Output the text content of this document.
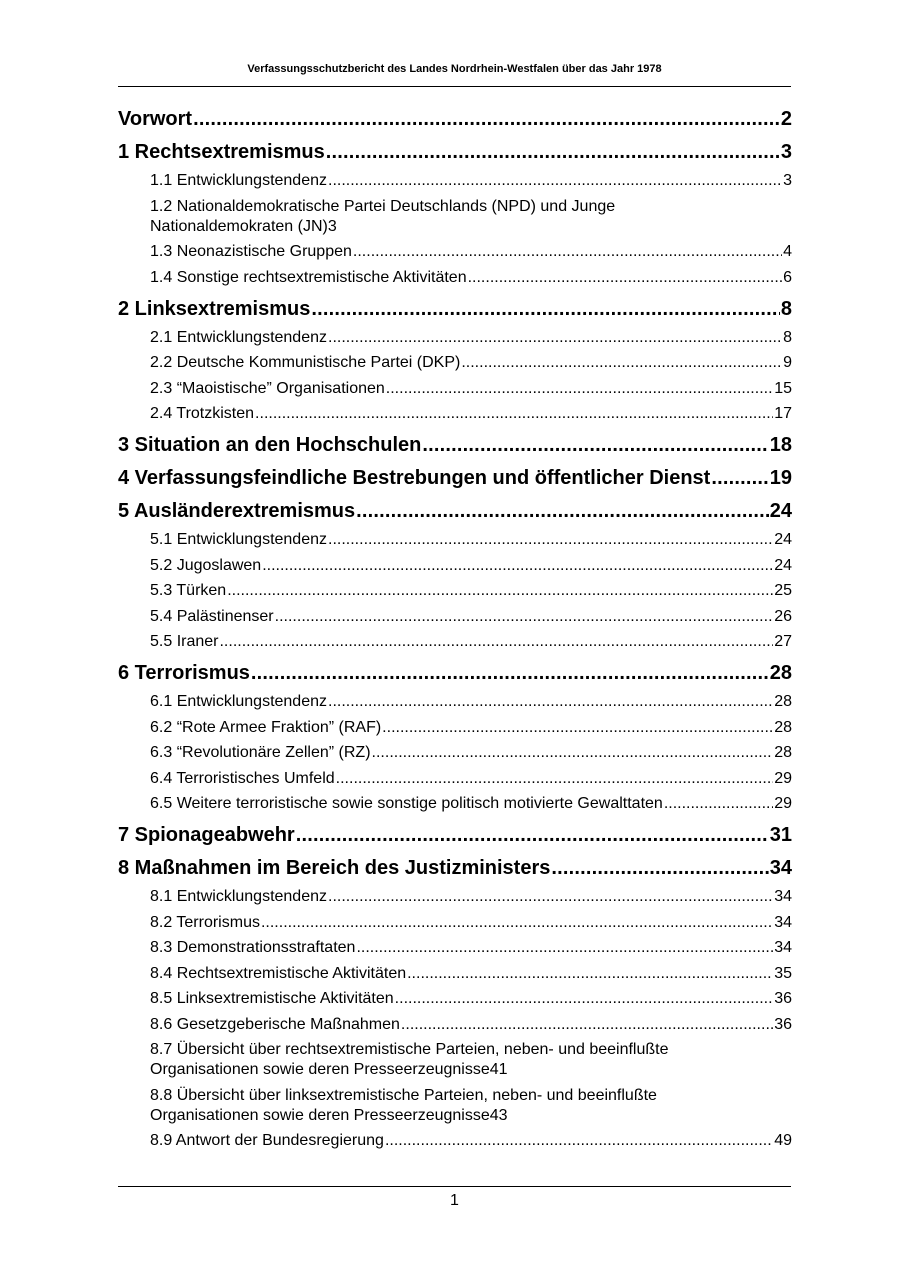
Verfassungsschutzbericht des Landes Nordrhein-Westfalen über das Jahr 1978
Vorwort .....	2
1 Rechtsextremismus .....	3
1.1 Entwicklungstendenz .....	3
1.2 Nationaldemokratische Partei Deutschlands (NPD) und Junge
Nationaldemokraten (JN) 3
1.3 Neonazistische Gruppen .....	4
1.4 Sonstige rechtsextremistische Aktivitäten .....	6
2 Linksextremismus .....	8
2.1 Entwicklungstendenz .....	8
2.2 Deutsche Kommunistische Partei (DKP) .....	9
2.3 “Maoistische” Organisationen .....	15
2.4 Trotzkisten .....	17
3 Situation an den Hochschulen .....	18
4 Verfassungsfeindliche Bestrebungen und öffentlicher Dienst .....	19
5 Ausländerextremismus .....	24
5.1 Entwicklungstendenz .....	24
5.2 Jugoslawen .....	24
5.3 Türken .....	25
5.4 Palästinenser .....	26
5.5 Iraner .....	27
6 Terrorismus .....	28
6.1 Entwicklungstendenz .....	28
6.2 “Rote Armee Fraktion” (RAF) .....	28
6.3 “Revolutionäre Zellen” (RZ) .....	28
6.4 Terroristisches Umfeld .....	29
6.5 Weitere terroristische sowie sonstige politisch motivierte Gewalttaten .....	29
7 Spionageabwehr .....	31
8 Maßnahmen im Bereich des Justizministers .....	34
8.1 Entwicklungstendenz .....	34
8.2 Terrorismus .....	34
8.3 Demonstrationsstraftaten .....	34
8.4 Rechtsextremistische Aktivitäten .....	35
8.5 Linksextremistische Aktivitäten .....	36
8.6 Gesetzgeberische Maßnahmen .....	36
8.7 Übersicht über rechtsextremistische Parteien, neben- und beeinflußte
Organisationen sowie deren Presseerzeugnisse 41
8.8 Übersicht über linksextremistische Parteien, neben- und beeinflußte
Organisationen sowie deren Presseerzeugnisse 43
8.9 Antwort der Bundesregierung .....	49
1
